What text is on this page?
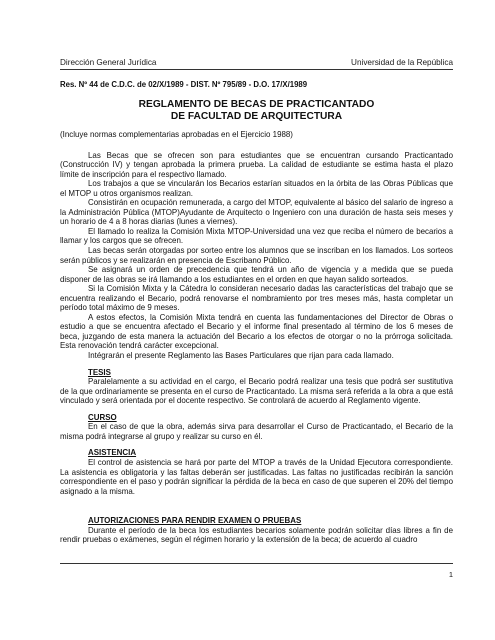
Dirección General Jurídica	Universidad de la República
Res. Nº 44 de C.D.C. de 02/X/1989 - DIST. Nº 795/89 - D.O. 17/X/1989
REGLAMENTO DE BECAS DE PRACTICANTADO
DE FACULTAD DE ARQUITECTURA

(Incluye normas complementarias aprobadas en el Ejercicio 1988)

Las Becas que se ofrecen son para estudiantes que se encuentran cursando Practicantado (Construcción IV) y tengan aprobada la primera prueba. La calidad de estudiante se estima hasta el plazo límite de inscripción para el respectivo llamado.

Los trabajos a que se vincularán los Becarios estarían situados en la órbita de las Obras Públicas que el MTOP u otros organismos realizan.

Consistirán en ocupación remunerada, a cargo del MTOP, equivalente al básico del salario de ingreso a la Administración Pública (MTOP)Ayudante de Arquitecto o Ingeniero con una duración de hasta seis meses y un horario de 4 a 8 horas diarias (lunes a viernes).

El llamado lo realiza la Comisión Mixta MTOP-Universidad una vez que reciba el número de becarios a llamar y los cargos que se ofrecen.

Las becas serán otorgadas por sorteo entre los alumnos que se inscriban en los llamados. Los sorteos serán públicos y se realizarán en presencia de Escribano Público.

Se asignará un orden de precedencia que tendrá un año de vigencia y a medida que se pueda disponer de las obras se irá llamando a los estudiantes en el orden en que hayan salido sorteados.

Si la Comisión Mixta y la Cátedra lo consideran necesario dadas las características del trabajo que se encuentra realizando el Becario, podrá renovarse el nombramiento por tres meses más, hasta completar un período total máximo de 9 meses.

A estos efectos, la Comisión Mixta tendrá en cuenta las fundamentaciones del Director de Obras o estudio a que se encuentra afectado el Becario y el informe final presentado al término de los 6 meses de beca, juzgando de esta manera la actuación del Becario a los efectos de otorgar o no la prórroga solicitada. Esta renovación tendrá carácter excepcional.

Intégrarán el presente Reglamento las Bases Particulares que rijan para cada llamado.

TESIS

Paralelamente a su actividad en el cargo, el Becario podrá realizar una tesis que podrá ser sustitutiva de la que ordinariamente se presenta en el curso de Practicantado. La misma será referida a la obra a que está vinculado y será orientada por el docente respectivo. Se controlará de acuerdo al Reglamento vigente.

CURSO

En el caso de que la obra, además sirva para desarrollar el Curso de Practicantado, el Becario de la misma podrá integrarse al grupo y realizar su curso en él.

ASISTENCIA

El control de asistencia se hará por parte del MTOP a través de la Unidad Ejecutora correspondiente. La asistencia es obligatoria y las faltas deberán ser justificadas. Las faltas no justificadas recibirán la sanción correspondiente en el paso y podrán significar la pérdida de la beca en caso de que superen el 20% del tiempo asignado a la misma.

AUTORIZACIONES PARA RENDIR EXAMEN O PRUEBAS

Durante el período de la beca los estudiantes becarios solamente podrán solicitar días libres a fin de rendir pruebas o exámenes, según el régimen horario y la extensión de la beca; de acuerdo al cuadro

1
